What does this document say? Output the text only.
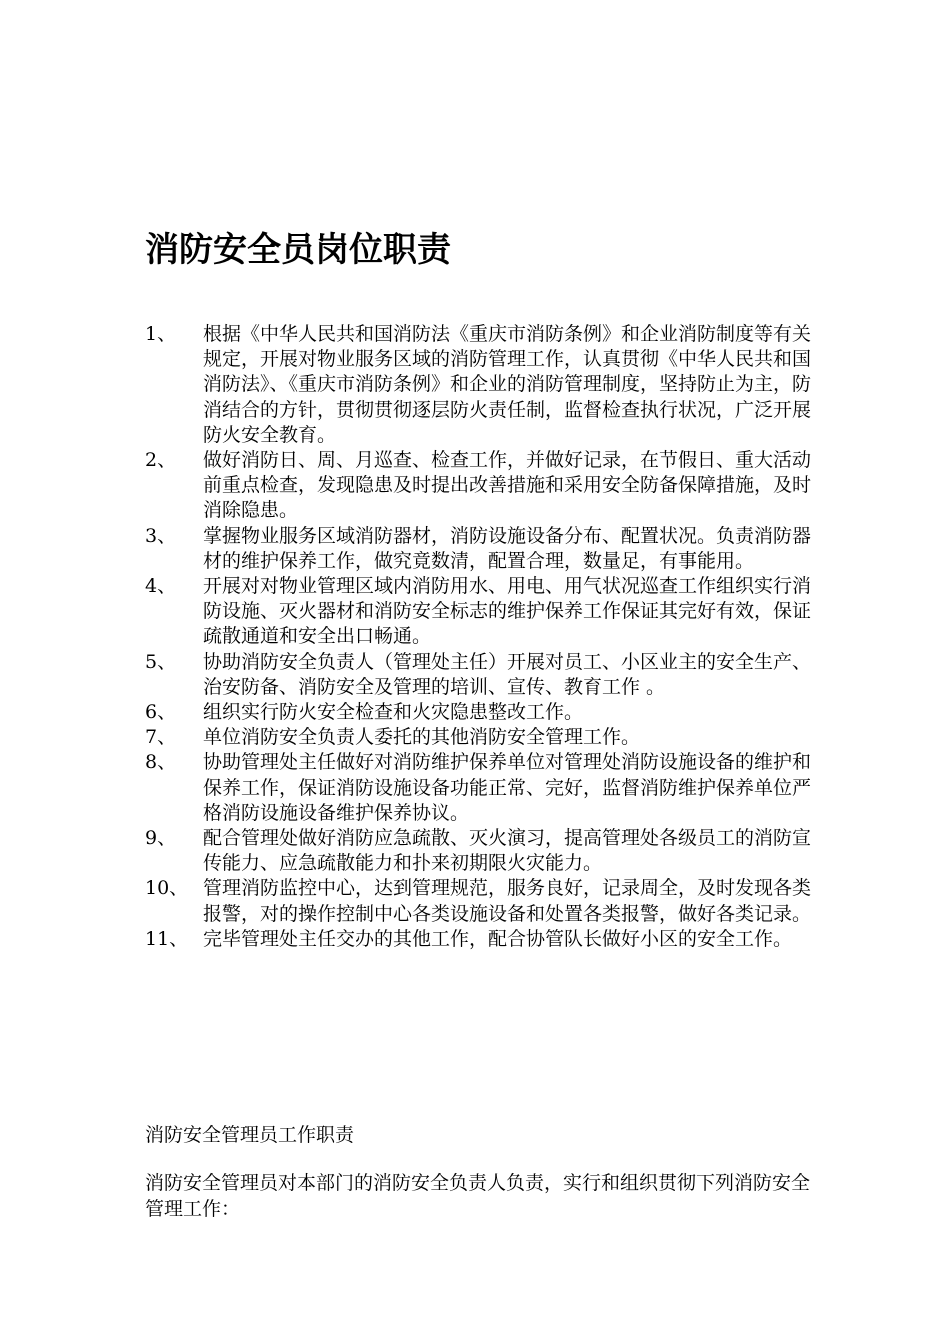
消防安全员岗位职责
1、	根据《中华人民共和国消防法《重庆市消防条例》和企业消防制度等有关规定，开展对物业服务区域的消防管理工作，认真贯彻《中华人民共和国消防法》、《重庆市消防条例》和企业的消防管理制度，坚持防止为主，防消结合的方针，贯彻贯彻逐层防火责任制，监督检查执行状况，广泛开展防火安全教育。
2、	做好消防日、周、月巡查、检查工作，并做好记录，在节假日、重大活动前重点检查，发现隐患及时提出改善措施和采用安全防备保障措施，及时消除隐患。
3、	掌握物业服务区域消防器材，消防设施设备分布、配置状况。负责消防器材的维护保养工作，做究竟数清，配置合理，数量足，有事能用。
4、	开展对对物业管理区域内消防用水、用电、用气状况巡查工作组织实行消防设施、灭火器材和消防安全标志的维护保养工作保证其完好有效，保证疏散通道和安全出口畅通。
5、	协助消防安全负责人（管理处主任）开展对员工、小区业主的安全生产、治安防备、消防安全及管理的培训、宣传、教育工作 。
6、	组织实行防火安全检查和火灾隐患整改工作。
7、	单位消防安全负责人委托的其他消防安全管理工作。
8、	协助管理处主任做好对消防维护保养单位对管理处消防设施设备的维护和保养工作，保证消防设施设备功能正常、完好，监督消防维护保养单位严格消防设施设备维护保养协议。
9、	配合管理处做好消防应急疏散、灭火演习，提高管理处各级员工的消防宣传能力、应急疏散能力和扑来初期限火灾能力。
10、 管理消防监控中心，达到管理规范，服务良好，记录周全，及时发现各类报警，对的操作控制中心各类设施设备和处置各类报警，做好各类记录。
11、 完毕管理处主任交办的其他工作，配合协管队长做好小区的安全工作。
消防安全管理员工作职责

消防安全管理员对本部门的消防安全负责人负责，实行和组织贯彻下列消防安全管理工作：
